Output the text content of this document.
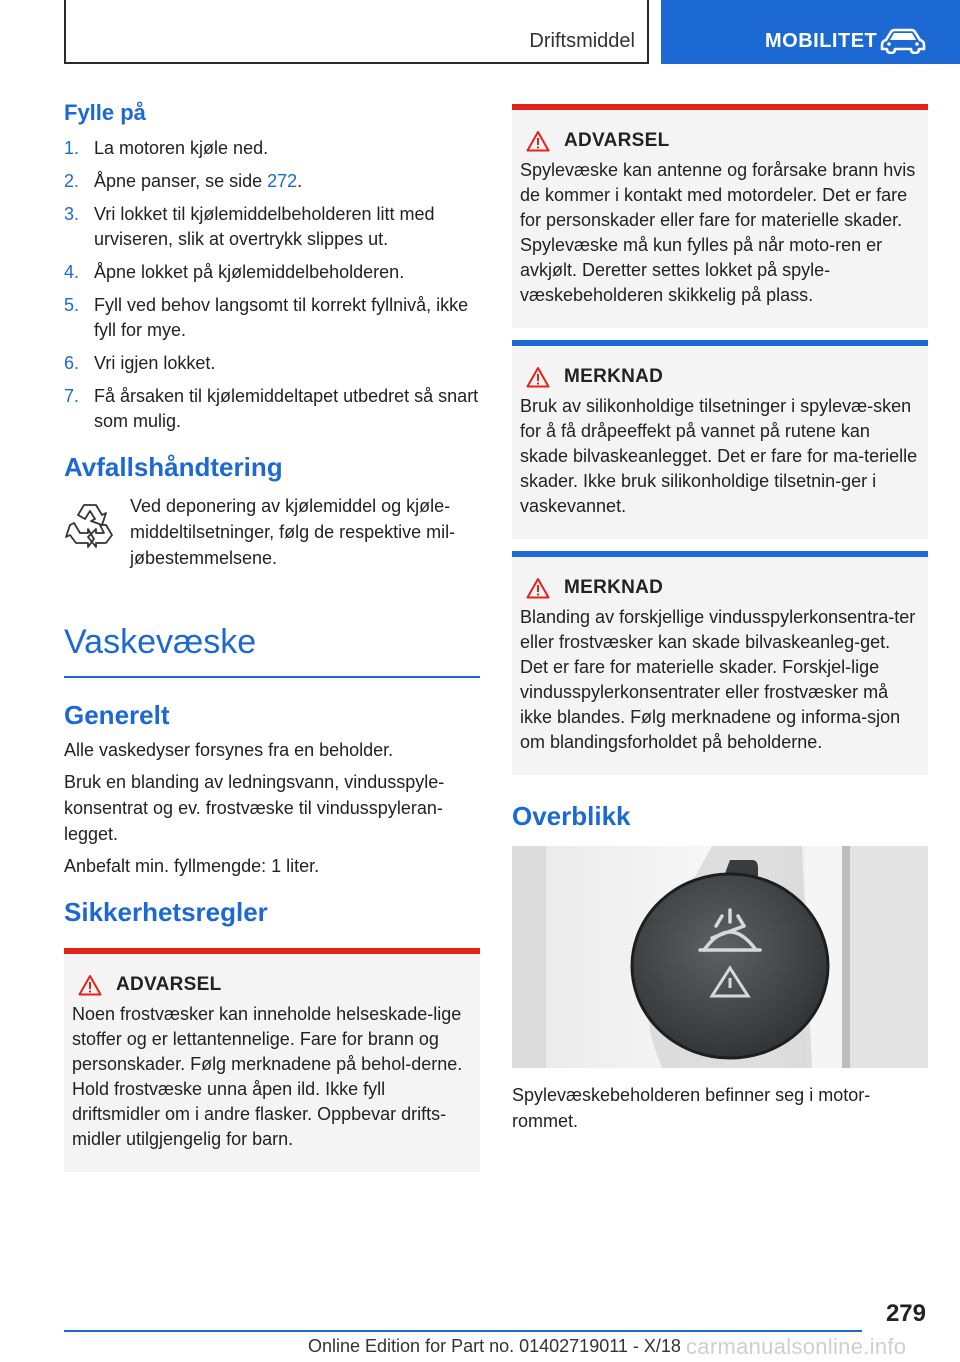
Driftsmiddel	MOBILITET
Fylle på
1. La motoren kjøle ned.
2. Åpne panser, se side 272.
3. Vri lokket til kjølemiddelbeholderen litt med urviseren, slik at overtrykk slippes ut.
4. Åpne lokket på kjølemiddelbeholderen.
5. Fyll ved behov langsomt til korrekt fyllnivå, ikke fyll for mye.
6. Vri igjen lokket.
7. Få årsaken til kjølemiddeltapet utbedret så snart som mulig.
Avfallshåndtering
Ved deponering av kjølemiddel og kjøle-middeltilsetninger, følg de respektive mil-jøbestemmelsene.
Vaskevæske
Generelt
Alle vaskedyser forsynes fra en beholder.
Bruk en blanding av ledningsvann, vindusspyle-konsentrat og ev. frostvæske til vindusspyleran-legget.
Anbefalt min. fyllmengde: 1 liter.
Sikkerhetsregler
ADVARSEL
Noen frostvæsker kan inneholde helseskade-lige stoffer og er lettantennelige. Fare for brann og personskader. Følg merknadene på behol-derne. Hold frostvæske unna åpen ild. Ikke fyll driftsmidler om i andre flasker. Oppbevar drifts-midler utilgjengelig for barn.
ADVARSEL
Spylevæske kan antenne og forårsake brann hvis de kommer i kontakt med motordeler. Det er fare for personskader eller fare for materielle skader. Spylevæske må kun fylles på når moto-ren er avkjølt. Deretter settes lokket på spyle-væskebeholderen skikkelig på plass.
MERKNAD
Bruk av silikonholdige tilsetninger i spylevæ-sken for å få dråpeeffekt på vannet på rutene kan skade bilvaskeanlegget. Det er fare for ma-terielle skader. Ikke bruk silikonholdige tilsetnin-ger i vaskevannet.
MERKNAD
Blanding av forskjellige vindusspylerkonsentra-ter eller frostvæsker kan skade bilvaskeanleg-get. Det er fare for materielle skader. Forskjel-lige vindusspylerkonsentrater eller frostvæsker må ikke blandes. Følg merknadene og informa-sjon om blandingsforholdet på beholderne.
Overblikk
Spylevæskebeholderen befinner seg i motor-rommet.
279
Online Edition for Part no. 01402719011 - X/18 carmanualsonline.info
